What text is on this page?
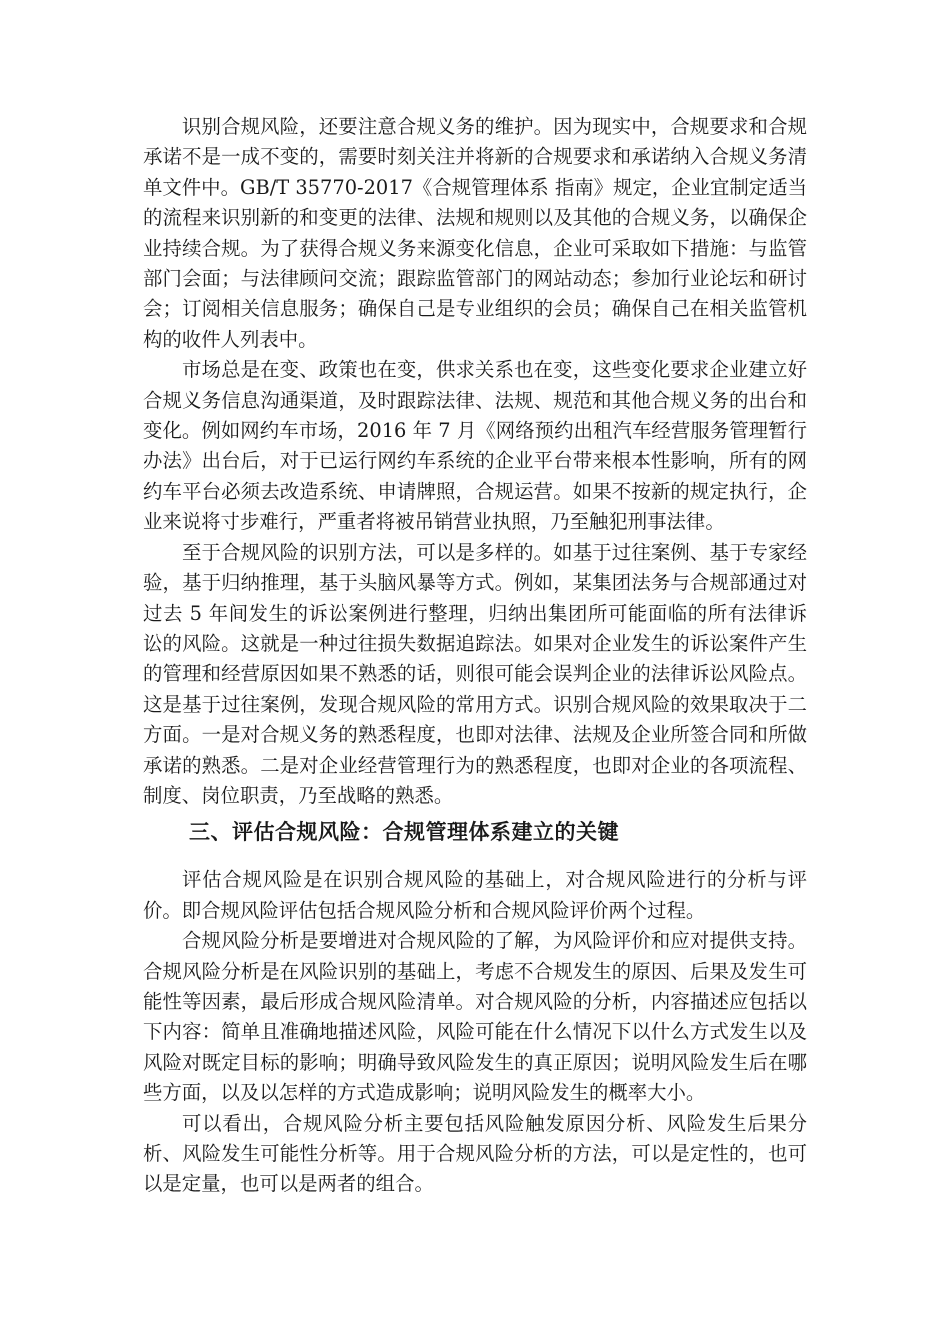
识别合规风险，还要注意合规义务的维护。因为现实中，合规要求和合规承诺不是一成不变的，需要时刻关注并将新的合规要求和承诺纳入合规义务清单文件中。GB/T 35770-2017《合规管理体系 指南》规定，企业宜制定适当的流程来识别新的和变更的法律、法规和规则以及其他的合规义务，以确保企业持续合规。为了获得合规义务来源变化信息，企业可采取如下措施：与监管部门会面；与法律顾问交流；跟踪监管部门的网站动态；参加行业论坛和研讨会；订阅相关信息服务；确保自己是专业组织的会员；确保自己在相关监管机构的收件人列表中。

市场总是在变、政策也在变，供求关系也在变，这些变化要求企业建立好合规义务信息沟通渠道，及时跟踪法律、法规、规范和其他合规义务的出台和变化。例如网约车市场，2016 年 7 月《网络预约出租汽车经营服务管理暂行办法》出台后，对于已运行网约车系统的企业平台带来根本性影响，所有的网约车平台必须去改造系统、申请牌照，合规运营。如果不按新的规定执行，企业来说将寸步难行，严重者将被吊销营业执照，乃至触犯刑事法律。

至于合规风险的识别方法，可以是多样的。如基于过往案例、基于专家经验，基于归纳推理，基于头脑风暴等方式。例如，某集团法务与合规部通过对过去 5 年间发生的诉讼案例进行整理，归纳出集团所可能面临的所有法律诉讼的风险。这就是一种过往损失数据追踪法。如果对企业发生的诉讼案件产生的管理和经营原因如果不熟悉的话，则很可能会误判企业的法律诉讼风险点。这是基于过往案例，发现合规风险的常用方式。识别合规风险的效果取决于二方面。一是对合规义务的熟悉程度，也即对法律、法规及企业所签合同和所做承诺的熟悉。二是对企业经营管理行为的熟悉程度，也即对企业的各项流程、制度、岗位职责，乃至战略的熟悉。

三、评估合规风险：合规管理体系建立的关键

评估合规风险是在识别合规风险的基础上，对合规风险进行的分析与评价。即合规风险评估包括合规风险分析和合规风险评价两个过程。

合规风险分析是要增进对合规风险的了解，为风险评价和应对提供支持。合规风险分析是在风险识别的基础上，考虑不合规发生的原因、后果及发生可能性等因素，最后形成合规风险清单。对合规风险的分析，内容描述应包括以下内容：简单且准确地描述风险，风险可能在什么情况下以什么方式发生以及风险对既定目标的影响；明确导致风险发生的真正原因；说明风险发生后在哪些方面，以及以怎样的方式造成影响；说明风险发生的概率大小。

可以看出，合规风险分析主要包括风险触发原因分析、风险发生后果分析、风险发生可能性分析等。用于合规风险分析的方法，可以是定性的，也可以是定量，也可以是两者的组合。
